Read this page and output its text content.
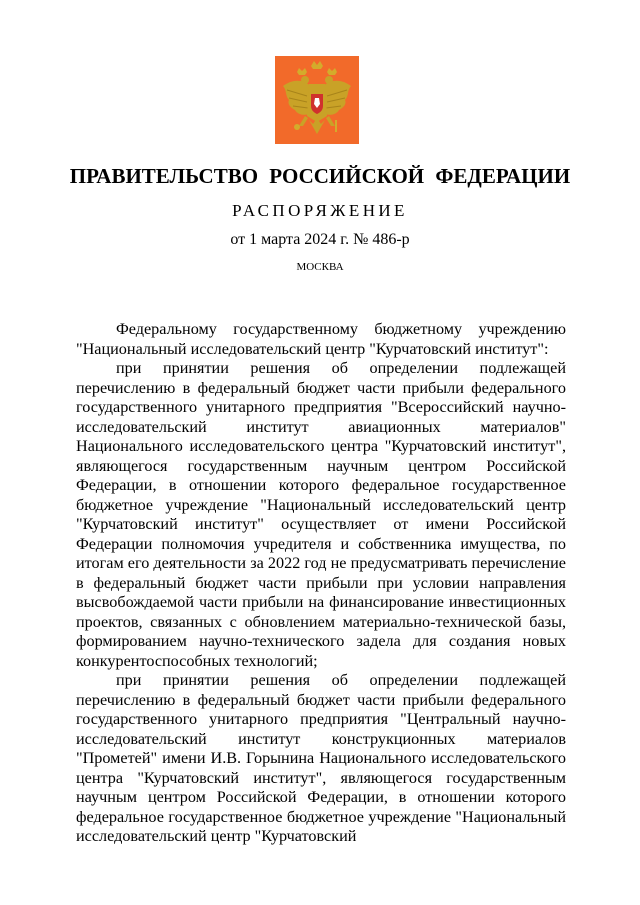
ПРАВИТЕЛЬСТВО РОССИЙСКОЙ ФЕДЕРАЦИИ
РАСПОРЯЖЕНИЕ
от 1 марта 2024 г. № 486-р
МОСКВА

Федеральному государственному бюджетному учреждению "Национальный исследовательский центр "Курчатовский институт":

при принятии решения об определении подлежащей перечислению в федеральный бюджет части прибыли федерального государственного унитарного предприятия "Всероссийский научно-исследовательский институт авиационных материалов" Национального исследовательского центра "Курчатовский институт", являющегося государственным научным центром Российской Федерации, в отношении которого федеральное государственное бюджетное учреждение "Национальный исследовательский центр "Курчатовский институт" осуществляет от имени Российской Федерации полномочия учредителя и собственника имущества, по итогам его деятельности за 2022 год не предусматривать перечисление в федеральный бюджет части прибыли при условии направления высвобождаемой части прибыли на финансирование инвестиционных проектов, связанных с обновлением материально-технической базы, формированием научно-технического задела для создания новых конкурентоспособных технологий;

при принятии решения об определении подлежащей перечислению в федеральный бюджет части прибыли федерального государственного унитарного предприятия "Центральный научно-исследовательский институт конструкционных материалов "Прометей" имени И.В. Горынина Национального исследовательского центра "Курчатовский институт", являющегося государственным научным центром Российской Федерации, в отношении которого федеральное государственное бюджетное учреждение "Национальный исследовательский центр "Курчатовский
